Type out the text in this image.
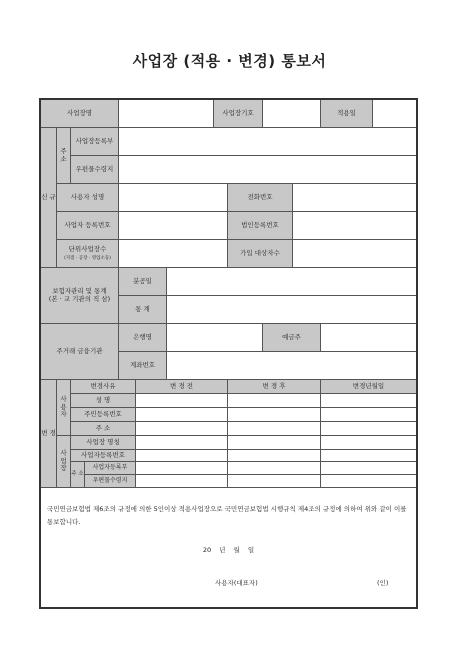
사업장 (적용 · 변경) 통보서
사업장명	사업장기호	적용일
신 규
주 소
사업장등록부
우편물수령지
사용자 성명	전화번호
사업자 등록번호	법인등록번호
단위사업장수
(지점 · 공장 · 영업소등)
가입 대상자수
보험자관리 및 통계 (본 · 교 기관의 직 삼)
분공일
통 계
주거래 금융기관
은행명	예금주
계좌번호
변 경
사 용 자
변경사유	변 경 전	변 경 후	변경년월일
성 명
주민등록번호
주 소
사 업 장
사업장 명칭
사업자등록번호
주 소
사업자등록부
우편물수령지
국민연금보험법 제6조의 규정에 의한 5인이상 적용사업장으로 국민연금보험법 시행규칙 제4조의 규정에 의하여 위와 같이 이를 통보합니다.
20 년 월 일
사용자(대표자)	(인)
